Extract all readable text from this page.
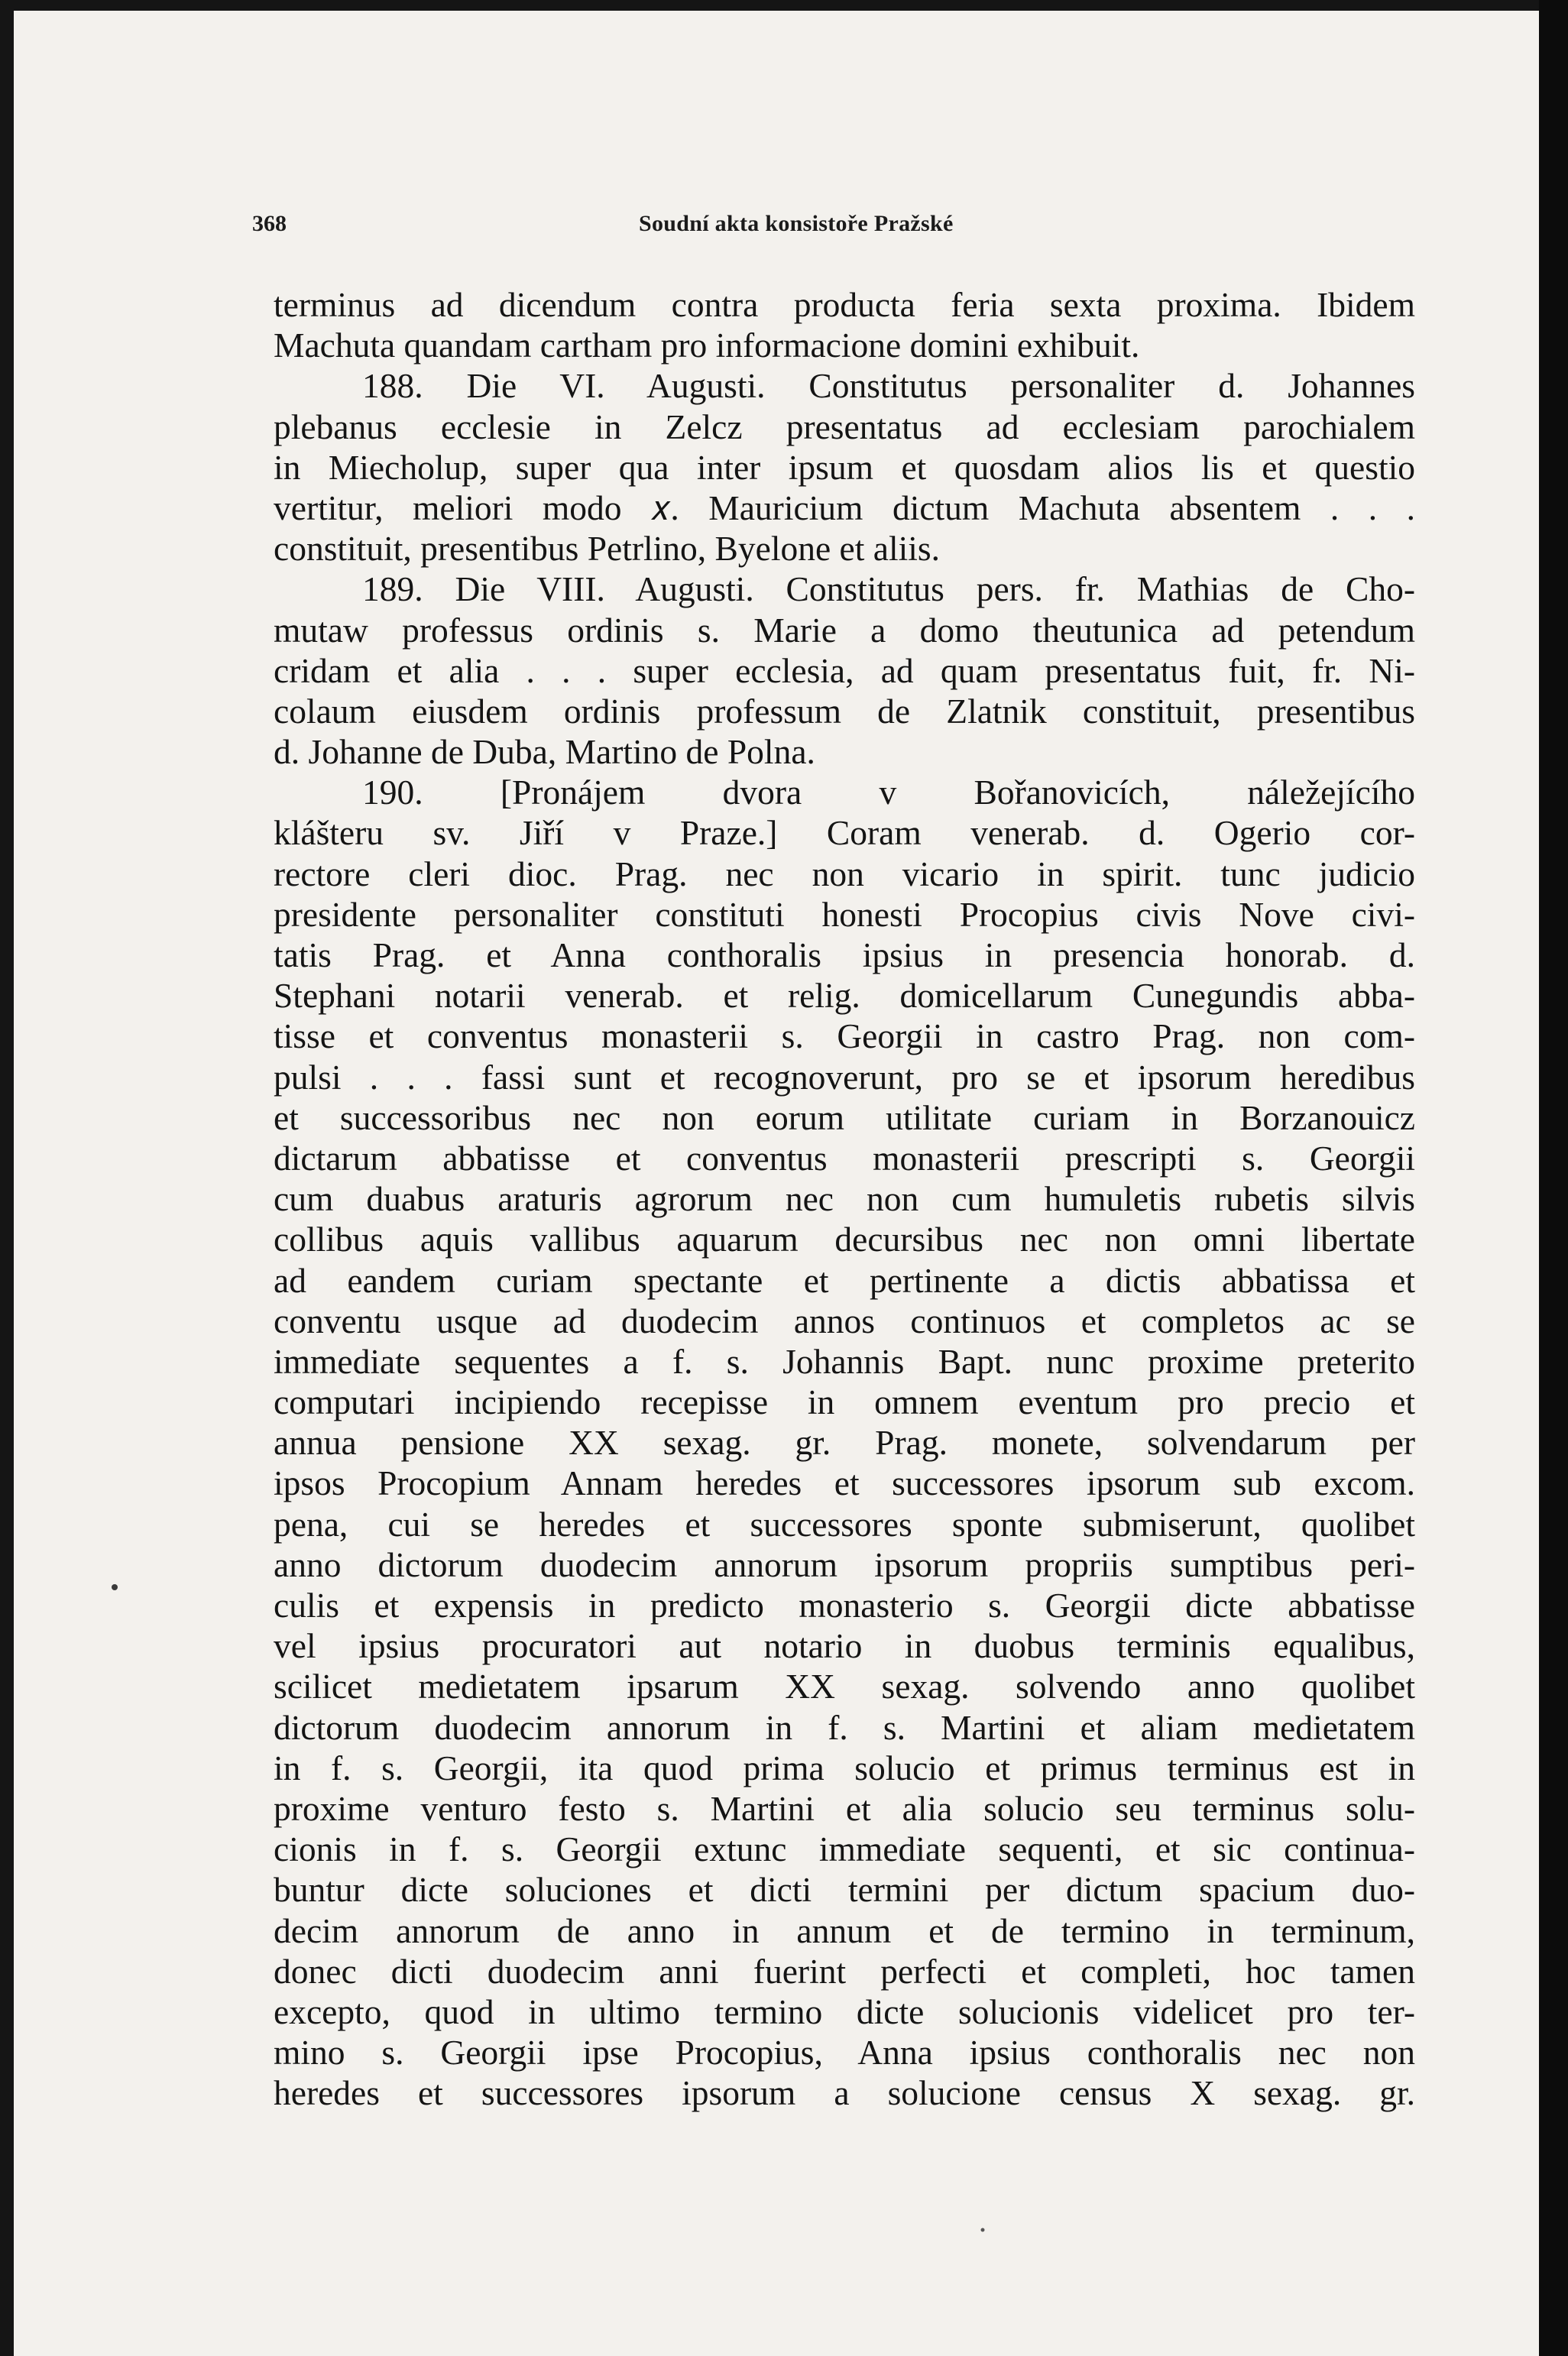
368	Soudní akta konsistoře Pražské
terminus ad dicendum contra producta feria sexta proxima. Ibidem
Machuta quandam cartham pro informacione domini exhibuit.
188. Die VI. Augusti. Constitutus personaliter d. Johannes
plebanus ecclesie in Zelcz presentatus ad ecclesiam parochialem
in Miecholup, super qua inter ipsum et quosdam alios lis et questio
vertitur, meliori modo 𝑥. Mauricium dictum Machuta absentem . . .
constituit, presentibus Petrlino, Byelone et aliis.
189. Die VIII. Augusti. Constitutus pers. fr. Mathias de Cho-
mutaw professus ordinis s. Marie a domo theutunica ad petendum
cridam et alia . . . super ecclesia, ad quam presentatus fuit, fr. Ni-
colaum eiusdem ordinis professum de Zlatnik constituit, presentibus
d. Johanne de Duba, Martino de Polna.
190. [Pronájem dvora v Bořanovicích, náležejícího
klášteru sv. Jiří v Praze.] Coram venerab. d. Ogerio cor-
rectore cleri dioc. Prag. nec non vicario in spirit. tunc judicio
presidente personaliter constituti honesti Procopius civis Nove civi-
tatis Prag. et Anna conthoralis ipsius in presencia honorab. d.
Stephani notarii venerab. et relig. domicellarum Cunegundis abba-
tisse et conventus monasterii s. Georgii in castro Prag. non com-
pulsi . . . fassi sunt et recognoverunt, pro se et ipsorum heredibus
et successoribus nec non eorum utilitate curiam in Borzanouicz
dictarum abbatisse et conventus monasterii prescripti s. Georgii
cum duabus araturis agrorum nec non cum humuletis rubetis silvis
collibus aquis vallibus aquarum decursibus nec non omni libertate
ad eandem curiam spectante et pertinente a dictis abbatissa et
conventu usque ad duodecim annos continuos et completos ac se
immediate sequentes a f. s. Johannis Bapt. nunc proxime preterito
computari incipiendo recepisse in omnem eventum pro precio et
annua pensione XX sexag. gr. Prag. monete, solvendarum per
ipsos Procopium Annam heredes et successores ipsorum sub excom.
pena, cui se heredes et successores sponte submiserunt, quolibet
anno dictorum duodecim annorum ipsorum propriis sumptibus peri-
culis et expensis in predicto monasterio s. Georgii dicte abbatisse
vel ipsius procuratori aut notario in duobus terminis equalibus,
scilicet medietatem ipsarum XX sexag. solvendo anno quolibet
dictorum duodecim annorum in f. s. Martini et aliam medietatem
in f. s. Georgii, ita quod prima solucio et primus terminus est in
proxime venturo festo s. Martini et alia solucio seu terminus solu-
cionis in f. s. Georgii extunc immediate sequenti, et sic continua-
buntur dicte soluciones et dicti termini per dictum spacium duo-
decim annorum de anno in annum et de termino in terminum,
donec dicti duodecim anni fuerint perfecti et completi, hoc tamen
excepto, quod in ultimo termino dicte solucionis videlicet pro ter-
mino s. Georgii ipse Procopius, Anna ipsius conthoralis nec non
heredes et successores ipsorum a solucione census X sexag. gr.
